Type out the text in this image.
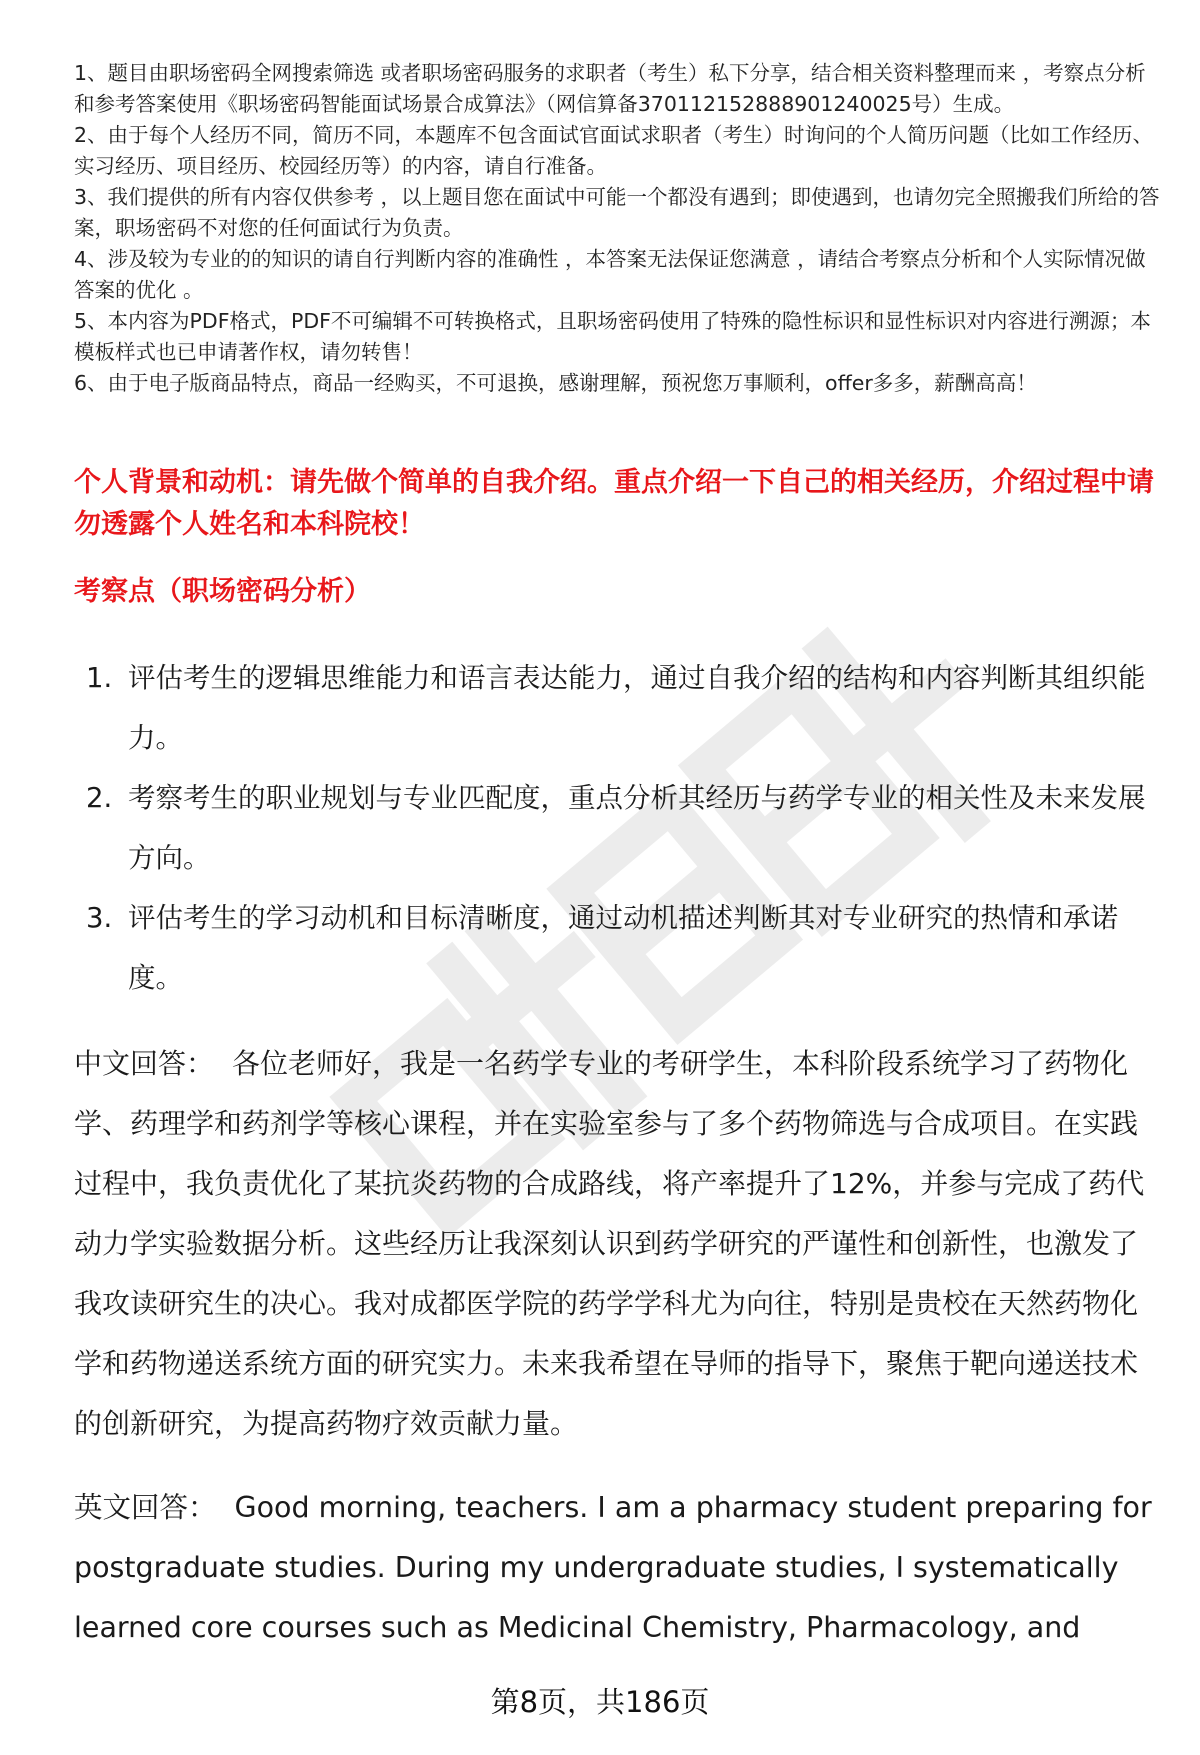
1、题目由职场密码全网搜索筛选 或者职场密码服务的求职者（考生）私下分享，结合相关资料整理而来 ，考察点分析和参考答案使用《职场密码智能面试场景合成算法》（网信算备370112152888901240025号）生成。

2、由于每个人经历不同，简历不同，本题库不包含面试官面试求职者（考生）时询问的个人简历问题（比如工作经历、实习经历、项目经历、校园经历等）的内容，请自行准备。

3、我们提供的所有内容仅供参考 ，以上题目您在面试中可能一个都没有遇到；即使遇到，也请勿完全照搬我们所给的答案，职场密码不对您的任何面试行为负责。

4、涉及较为专业的的知识的请自行判断内容的准确性 ，本答案无法保证您满意 ，请结合考察点分析和个人实际情况做答案的优化 。

5、本内容为PDF格式，PDF不可编辑不可转换格式，且职场密码使用了特殊的隐性标识和显性标识对内容进行溯源；本模板样式也已申请著作权，请勿转售！

6、由于电子版商品特点，商品一经购买，不可退换，感谢理解，预祝您万事顺利，offer多多，薪酬高高！

个人背景和动机：请先做个简单的自我介绍。重点介绍一下自己的相关经历，介绍过程中请勿透露个人姓名和本科院校！

考察点（职场密码分析）

1. 评估考生的逻辑思维能力和语言表达能力，通过自我介绍的结构和内容判断其组织能力。
2. 考察考生的职业规划与专业匹配度，重点分析其经历与药学专业的相关性及未来发展方向。
3. 评估考生的学习动机和目标清晰度，通过动机描述判断其对专业研究的热情和承诺度。

中文回答： 各位老师好，我是一名药学专业的考研学生，本科阶段系统学习了药物化学、药理学和药剂学等核心课程，并在实验室参与了多个药物筛选与合成项目。在实践过程中，我负责优化了某抗炎药物的合成路线，将产率提升了12%，并参与完成了药代动力学实验数据分析。这些经历让我深刻认识到药学研究的严谨性和创新性，也激发了我攻读研究生的决心。我对成都医学院的药学学科尤为向往，特别是贵校在天然药物化学和药物递送系统方面的研究实力。未来我希望在导师的指导下，聚焦于靶向递送技术的创新研究，为提高药物疗效贡献力量。

英文回答： Good morning, teachers. I am a pharmacy student preparing for postgraduate studies. During my undergraduate studies, I systematically learned core courses such as Medicinal Chemistry, Pharmacology, and

第8页，共186页
